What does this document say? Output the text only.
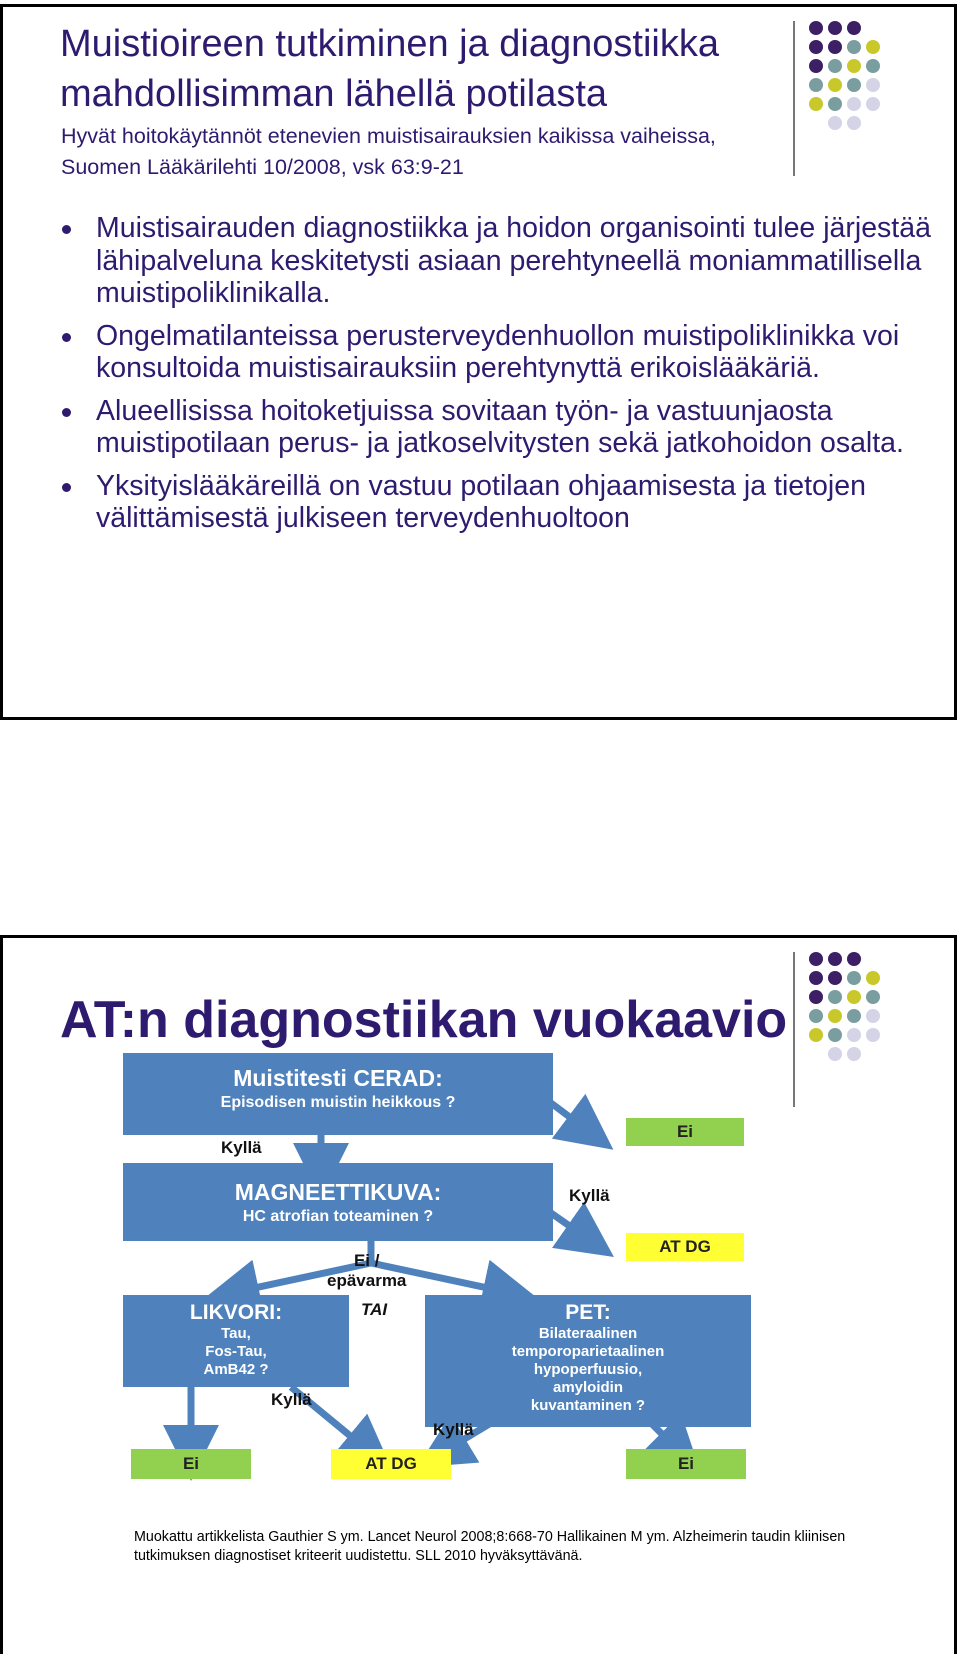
Muistioireen tutkiminen ja diagnostiikka mahdollisimman lähellä potilasta
Hyvät hoitokäytännöt etenevien muistisairauksien kaikissa vaiheissa, Suomen Lääkärilehti 10/2008, vsk 63:9-21
Muistisairauden diagnostiikka ja hoidon organisointi tulee järjestää lähipalveluna keskitetysti asiaan perehtyneellä moniammatillisella muistipoliklinikalla.
Ongelmatilanteissa perusterveydenhuollon muistipoliklinikka voi konsultoida muistisairauksiin perehtynyttä erikoislääkäriä.
Alueellisissa hoitoketjuissa sovitaan työn- ja vastuunjaosta muistipotilaan perus- ja jatkoselvitysten sekä jatkohoidon osalta.
Yksityislääkäreillä on vastuu potilaan ohjaamisesta ja tietojen välittämisestä julkiseen terveydenhuoltoon
AT:n diagnostiikan vuokaavio
Muistitesti CERAD:
Episodisen muistin heikkous ?
Kyllä
Ei
MAGNEETTIKUVA:
HC atrofian toteaminen ?
Kyllä
AT DG
Ei /
epävarma
TAI
LIKVORI:
Tau,
Fos-Tau,
AmB42 ?
Kyllä
PET:
Bilateraalinen
temporoparietaalinen
hypoperfuusio,
amyloidin
kuvantaminen ?
Kyllä
Ei	AT DG	Ei
Muokattu artikkelista Gauthier S ym. Lancet Neurol 2008;8:668-70 Hallikainen M ym. Alzheimerin taudin kliinisen tutkimuksen diagnostiset kriteerit uudistettu. SLL 2010 hyväksyttävänä.
